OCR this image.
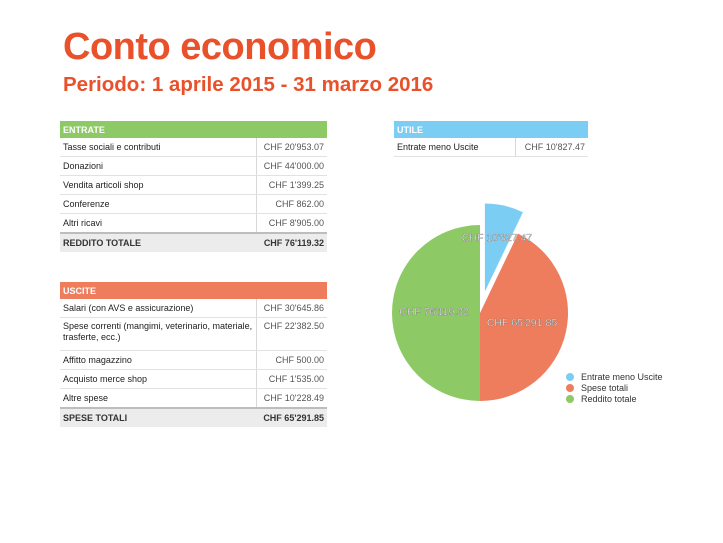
Conto economico
Periodo: 1 aprile 2015 - 31 marzo 2016
ENTRATE	
Tasse sociali e contributi	CHF 20'953.07
Donazioni	CHF 44'000.00
Vendita articoli shop	CHF 1'399.25
Conferenze	CHF 862.00
Altri ricavi	CHF 8'905.00
REDDITO TOTALE	CHF 76'119.32
USCITE	
Salari (con AVS e assicurazione)	CHF 30'645.86
Spese correnti (mangimi, veterinario, materiale, trasferte, ecc.)	CHF 22'382.50
Affitto magazzino	CHF 500.00
Acquisto merce shop	CHF 1'535.00
Altre spese	CHF 10'228.49
SPESE TOTALI	CHF 65'291.85
UTILE
Entrate meno Uscite	CHF 10'827.47
CHF 10'827.47
CHF 65'291.85
CHF 76'119.32
Entrate meno Uscite
Spese totali
Reddito totale
